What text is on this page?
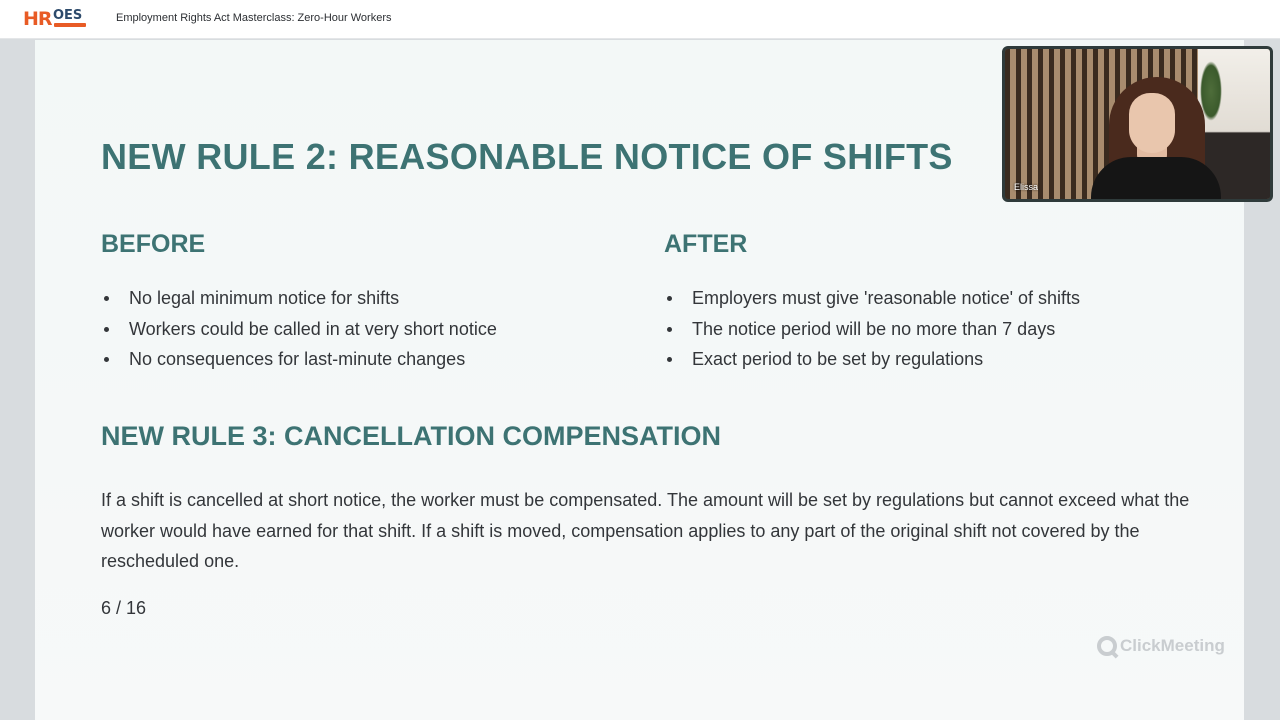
HR OES	Employment Rights Act Masterclass: Zero-Hour Workers
NEW RULE 2: REASONABLE NOTICE OF SHIFTS
BEFORE	AFTER
No legal minimum notice for shifts
Workers could be called in at very short notice
No consequences for last-minute changes
Employers must give 'reasonable notice' of shifts
The notice period will be no more than 7 days
Exact period to be set by regulations
NEW RULE 3: CANCELLATION COMPENSATION

If a shift is cancelled at short notice, the worker must be compensated. The amount will be set by regulations but cannot exceed what the worker would have earned for that shift. If a shift is moved, compensation applies to any part of the original shift not covered by the rescheduled one.

6 / 16
ClickMeeting
Elissa
